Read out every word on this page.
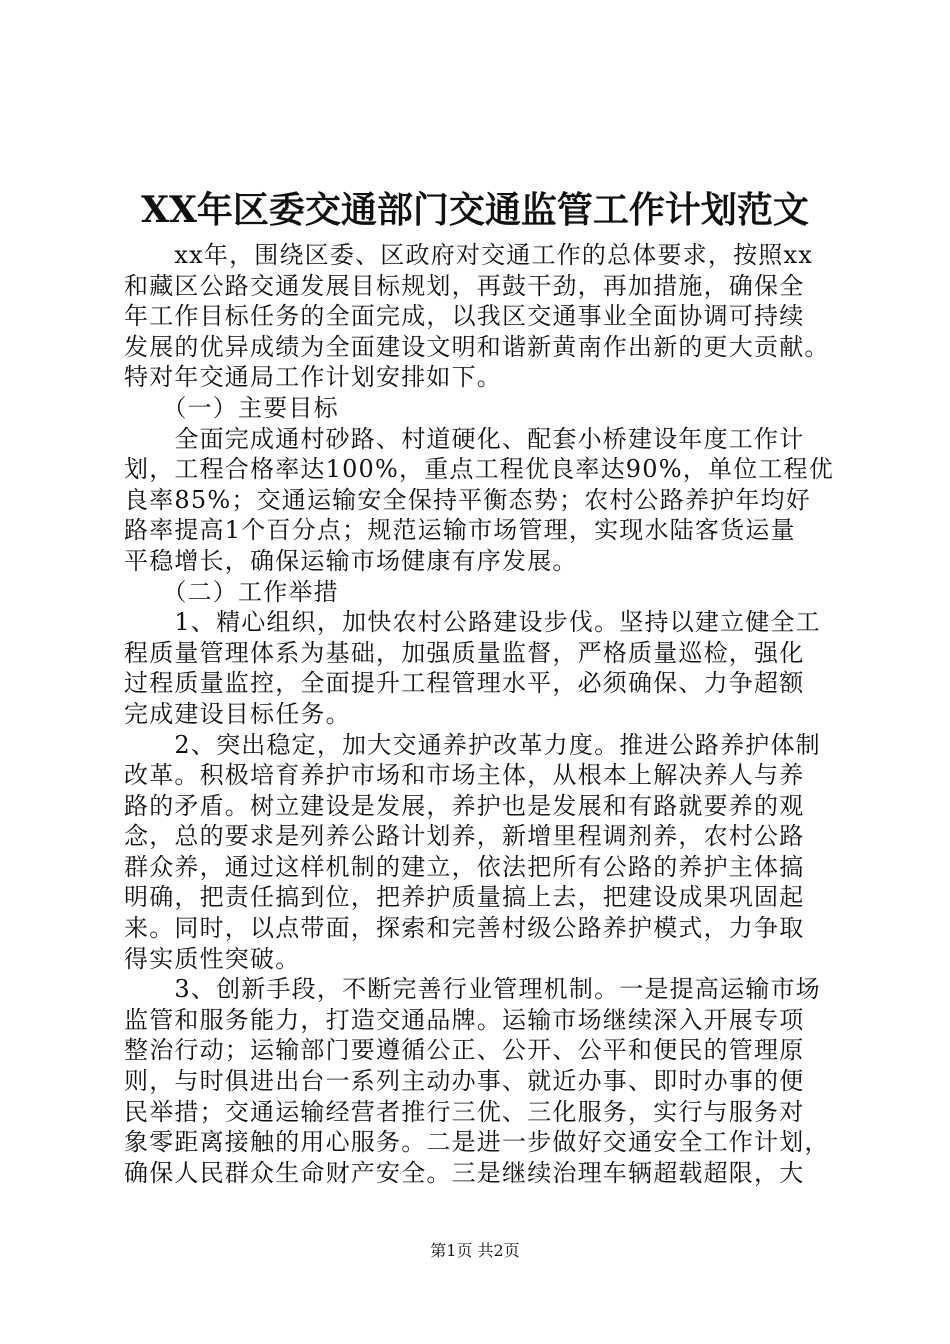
XX年区委交通部门交通监管工作计划范文
　　xx年，围绕区委、区政府对交通工作的总体要求，按照xx
和藏区公路交通发展目标规划，再鼓干劲，再加措施，确保全
年工作目标任务的全面完成，以我区交通事业全面协调可持续
发展的优异成绩为全面建设文明和谐新黄南作出新的更大贡献。
特对年交通局工作计划安排如下。
　　（一）主要目标
　　全面完成通村砂路、村道硬化、配套小桥建设年度工作计
划，工程合格率达100%，重点工程优良率达90%，单位工程优
良率85%；交通运输安全保持平衡态势；农村公路养护年均好
路率提高1个百分点；规范运输市场管理，实现水陆客货运量
平稳增长，确保运输市场健康有序发展。
　　（二）工作举措
　　1、精心组织，加快农村公路建设步伐。坚持以建立健全工
程质量管理体系为基础，加强质量监督，严格质量巡检，强化
过程质量监控，全面提升工程管理水平，必须确保、力争超额
完成建设目标任务。
　　2、突出稳定，加大交通养护改革力度。推进公路养护体制
改革。积极培育养护市场和市场主体，从根本上解决养人与养
路的矛盾。树立建设是发展，养护也是发展和有路就要养的观
念，总的要求是列养公路计划养，新增里程调剂养，农村公路
群众养，通过这样机制的建立，依法把所有公路的养护主体搞
明确，把责任搞到位，把养护质量搞上去，把建设成果巩固起
来。同时，以点带面，探索和完善村级公路养护模式，力争取
得实质性突破。
　　3、创新手段，不断完善行业管理机制。一是提高运输市场
监管和服务能力，打造交通品牌。运输市场继续深入开展专项
整治行动；运输部门要遵循公正、公开、公平和便民的管理原
则，与时俱进出台一系列主动办事、就近办事、即时办事的便
民举措；交通运输经营者推行三优、三化服务，实行与服务对
象零距离接触的用心服务。二是进一步做好交通安全工作计划，
确保人民群众生命财产安全。三是继续治理车辆超载超限，大
第1页 共2页
